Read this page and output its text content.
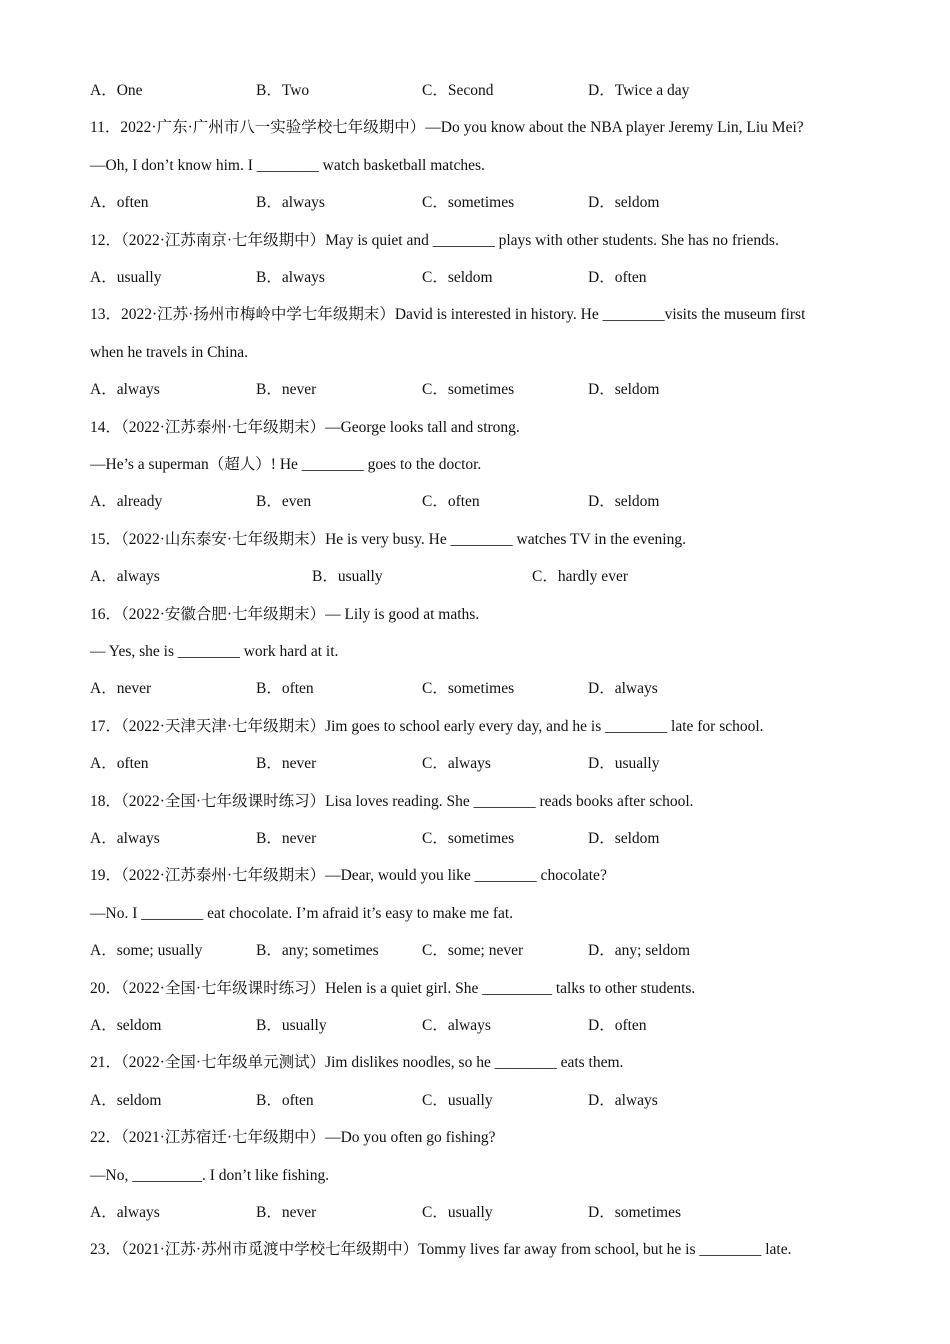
A．One	B．Two	C．Second	D．Twice a day
11．2022·广东·广州市八一实验学校七年级期中）—Do you know about the NBA player Jeremy Lin, Liu Mei?
—Oh, I don’t know him. I ________ watch basketball matches.
A．often	B．always	C．sometimes	D．seldom
12．（2022·江苏南京·七年级期中）May is quiet and ________ plays with other students. She has no friends.
A．usually	B．always	C．seldom	D．often
13．2022·江苏·扬州市梅岭中学七年级期末）David is interested in history. He ________visits the museum first
when he travels in China.
A．always	B．never	C．sometimes	D．seldom
14．（2022·江苏泰州·七年级期末）—George looks tall and strong.
—He’s a superman（超人）! He ________ goes to the doctor.
A．already	B．even	C．often	D．seldom
15．（2022·山东泰安·七年级期末）He is very busy. He ________ watches TV in the evening.
A．always	B．usually	C．hardly ever
16．（2022·安徽合肥·七年级期末）— Lily is good at maths.
— Yes, she is ________ work hard at it.
A．never	B．often	C．sometimes	D．always
17．（2022·天津天津·七年级期末）Jim goes to school early every day, and he is ________ late for school.
A．often	B．never	C．always	D．usually
18．（2022·全国·七年级课时练习）Lisa loves reading. She ________ reads books after school.
A．always	B．never	C．sometimes	D．seldom
19．（2022·江苏泰州·七年级期末）—Dear, would you like ________ chocolate?
—No. I ________ eat chocolate. I’m afraid it’s easy to make me fat.
A．some; usually	B．any; sometimes	C．some; never	D．any; seldom
20．（2022·全国·七年级课时练习）Helen is a quiet girl. She _________ talks to other students.
A．seldom	B．usually	C．always	D．often
21．（2022·全国·七年级单元测试）Jim dislikes noodles, so he ________ eats them.
A．seldom	B．often	C．usually	D．always
22．（2021·江苏宿迁·七年级期中）—Do you often go fishing?
—No, _________. I don’t like fishing.
A．always	B．never	C．usually	D．sometimes
23．（2021·江苏·苏州市觅渡中学校七年级期中）Tommy lives far away from school, but he is ________ late.
